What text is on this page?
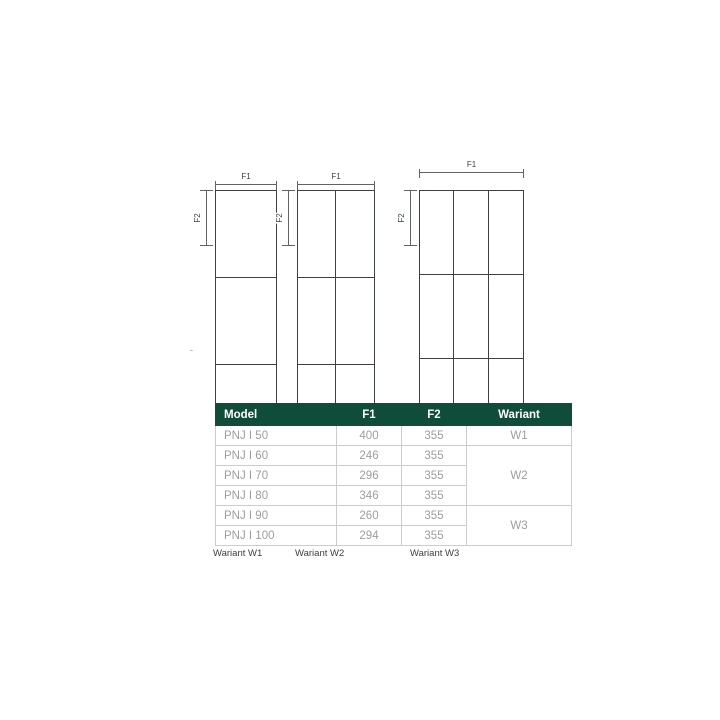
F1
F2
Wariant W1
F1
F2
Wariant W2
F1
F2
Wariant W3
-
Model	F1	F2	Wariant
PNJ I 50	400	355	W1
PNJ I 60	246	355	W2
PNJ I 70	296	355	
PNJ I 80	346	355	
PNJ I 90	260	355	W3
PNJ I 100	294	355	
